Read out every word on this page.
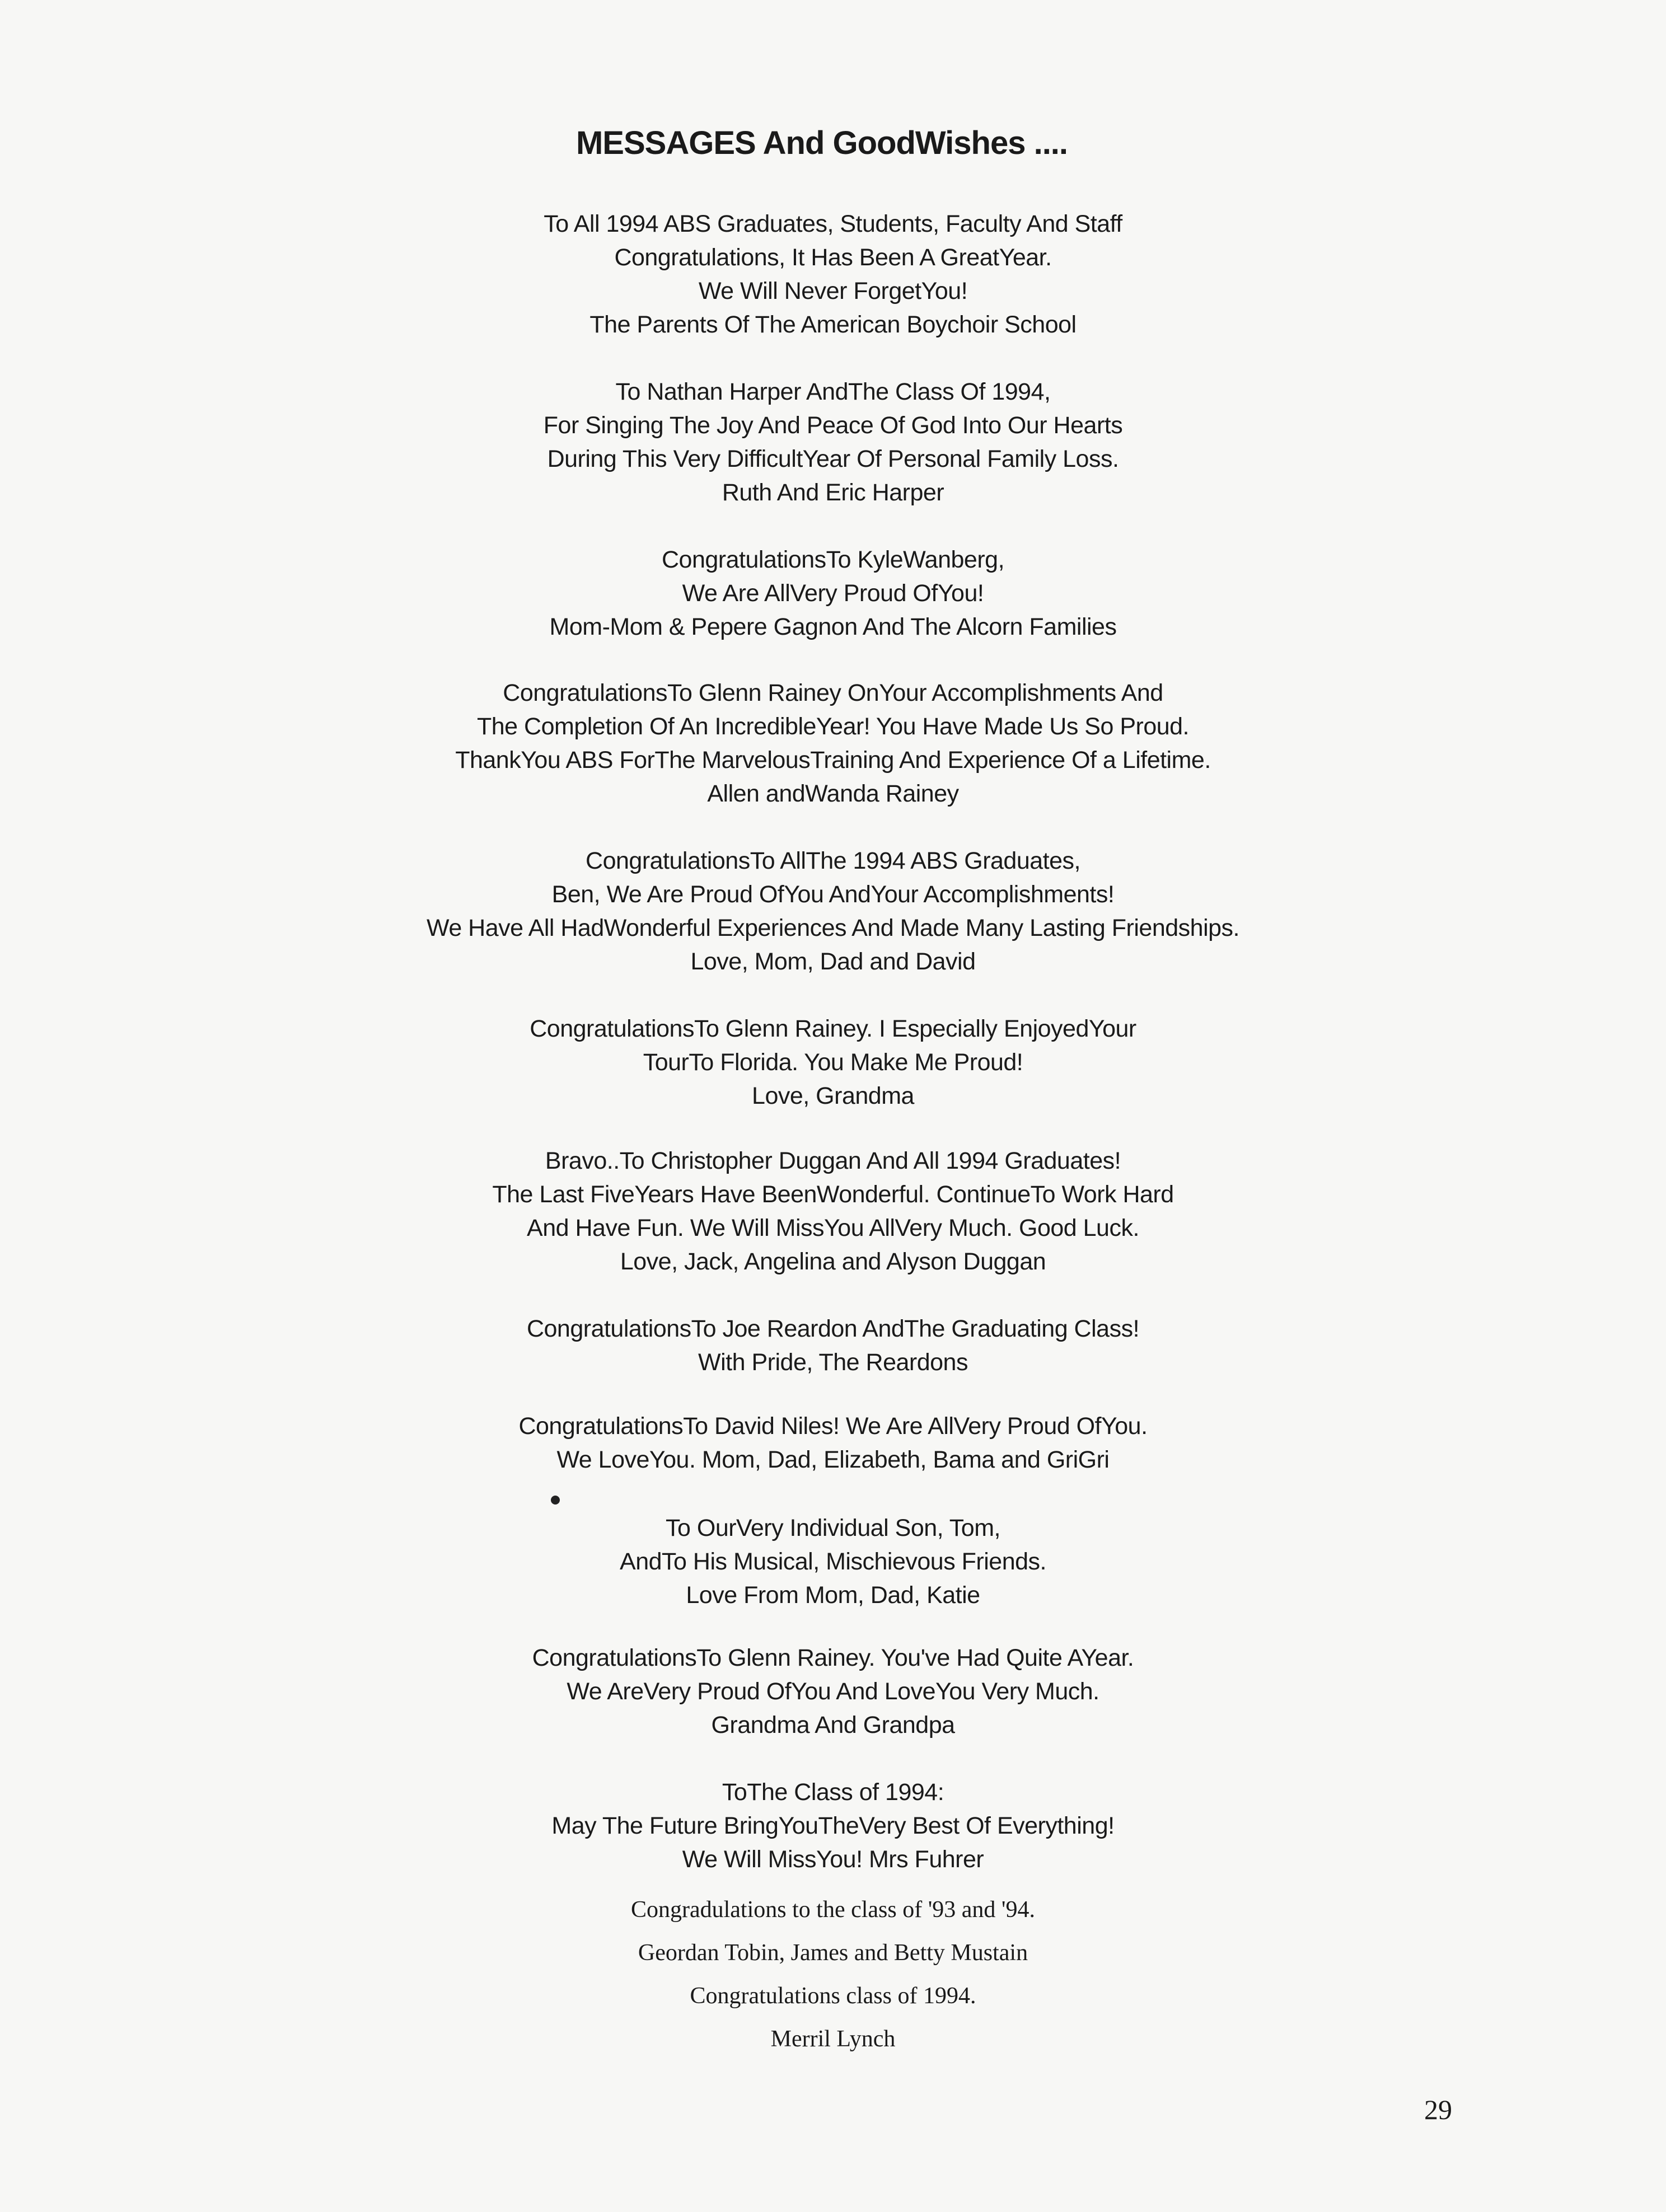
MESSAGES And GoodWishes ....
To All 1994 ABS Graduates, Students, Faculty And Staff
Congratulations, It Has Been A GreatYear.
We Will Never ForgetYou!
The Parents Of The American Boychoir School
To Nathan Harper AndThe Class Of 1994,
For Singing The Joy And Peace Of God Into Our Hearts
During This Very DifficultYear Of Personal Family Loss.
Ruth And Eric Harper
CongratulationsTo KyleWanberg,
We Are AllVery Proud OfYou!
Mom-Mom & Pepere Gagnon And The Alcorn Families
CongratulationsTo Glenn Rainey OnYour Accomplishments And
The Completion Of An IncredibleYear! You Have Made Us So Proud.
ThankYou ABS ForThe MarvelousTraining And Experience Of a Lifetime.
Allen andWanda Rainey
CongratulationsTo AllThe 1994 ABS Graduates,
Ben, We Are Proud OfYou AndYour Accomplishments!
We Have All HadWonderful Experiences And Made Many Lasting Friendships.
Love, Mom, Dad and David
CongratulationsTo Glenn Rainey. I Especially EnjoyedYour
TourTo Florida. You Make Me Proud!
Love, Grandma
Bravo..To Christopher Duggan And All 1994 Graduates!
The Last FiveYears Have BeenWonderful. ContinueTo Work Hard
And Have Fun. We Will MissYou AllVery Much. Good Luck.
Love, Jack, Angelina and Alyson Duggan
CongratulationsTo Joe Reardon AndThe Graduating Class!
With Pride, The Reardons
CongratulationsTo David Niles! We Are AllVery Proud OfYou.
We LoveYou. Mom, Dad, Elizabeth, Bama and GriGri
To OurVery Individual Son, Tom,
AndTo His Musical, Mischievous Friends.
Love From Mom, Dad, Katie
CongratulationsTo Glenn Rainey. You've Had Quite AYear.
We AreVery Proud OfYou And LoveYou Very Much.
Grandma And Grandpa
ToThe Class of 1994:
May The Future BringYouTheVery Best Of Everything!
We Will MissYou! Mrs Fuhrer
Congradulations to the class of '93 and '94.
Geordan Tobin, James and Betty Mustain
Congratulations class of 1994.
Merril Lynch
29
